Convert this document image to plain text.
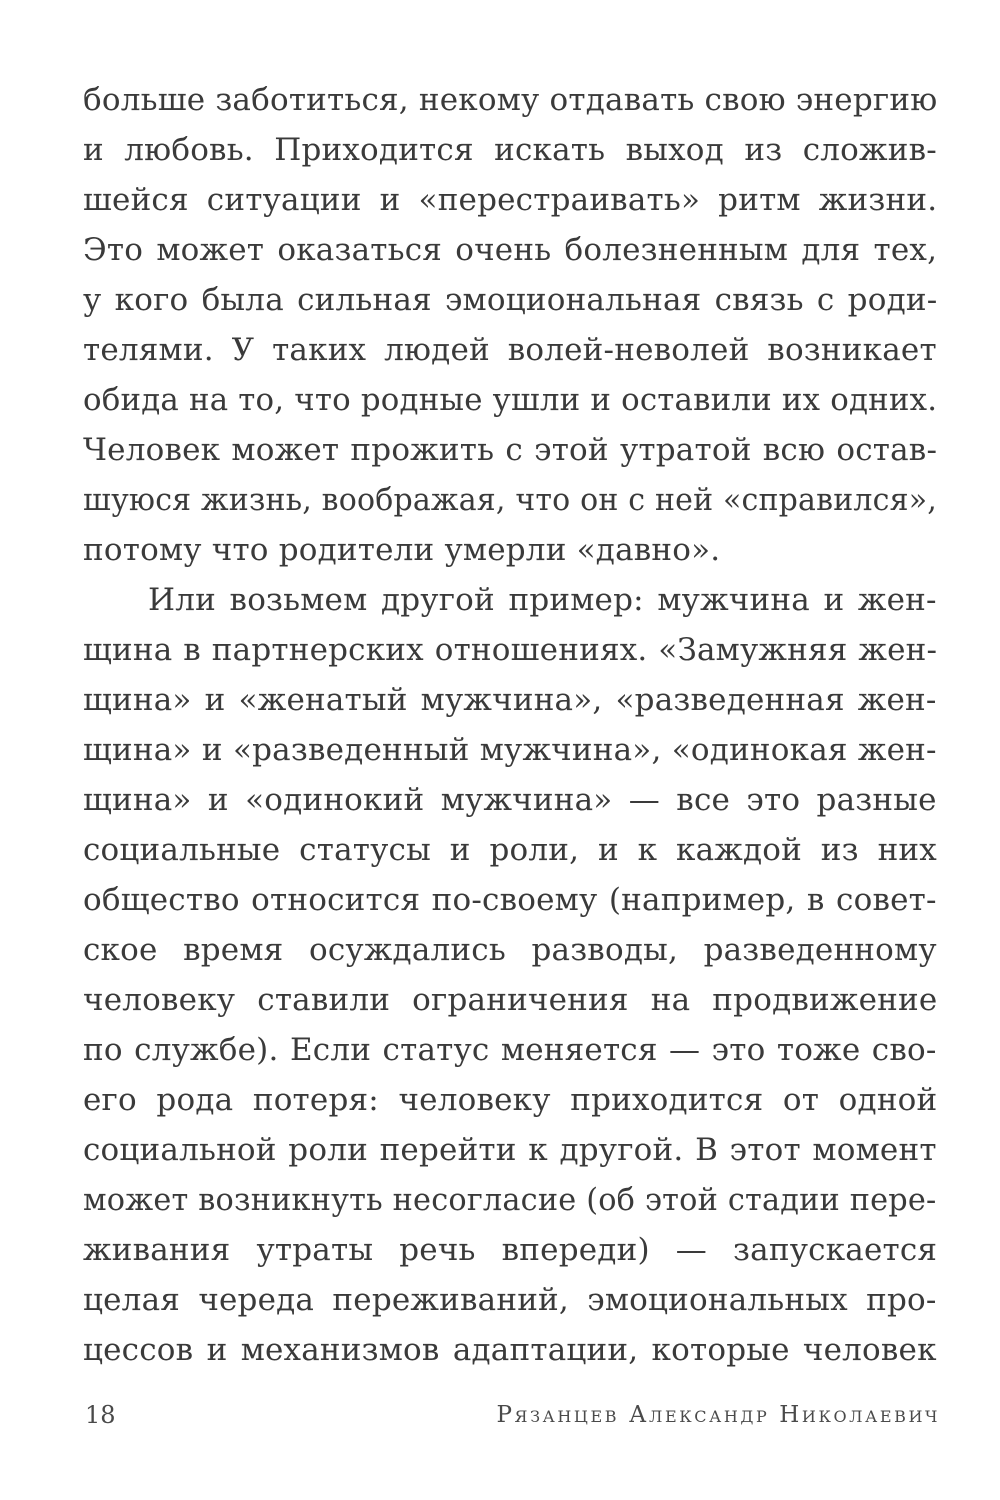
больше заботиться, некому отдавать свою энергию
и любовь. Приходится искать выход из сложив-
шейся ситуации и «перестраивать» ритм жизни.
Это может оказаться очень болезненным для тех,
у кого была сильная эмоциональная связь с роди-
телями. У таких людей волей-неволей возникает
обида на то, что родные ушли и оставили их одних.
Человек может прожить с этой утратой всю остав-
шуюся жизнь, воображая, что он с ней «справился»,
потому что родители умерли «давно».
Или возьмем другой пример: мужчина и жен-
щина в партнерских отношениях. «Замужняя жен-
щина» и «женатый мужчина», «разведенная жен-
щина» и «разведенный мужчина», «одинокая жен-
щина» и «одинокий мужчина» — все это разные
социальные статусы и роли, и к каждой из них
общество относится по-своему (например, в совет-
ское время осуждались разводы, разведенному
человеку ставили ограничения на продвижение
по службе). Если статус меняется — это тоже сво-
его рода потеря: человеку приходится от одной
социальной роли перейти к другой. В этот момент
может возникнуть несогласие (об этой стадии пере-
живания утраты речь впереди) — запускается
целая череда переживаний, эмоциональных про-
цессов и механизмов адаптации, которые человек
18	Рязанцев Александр Николаевич
